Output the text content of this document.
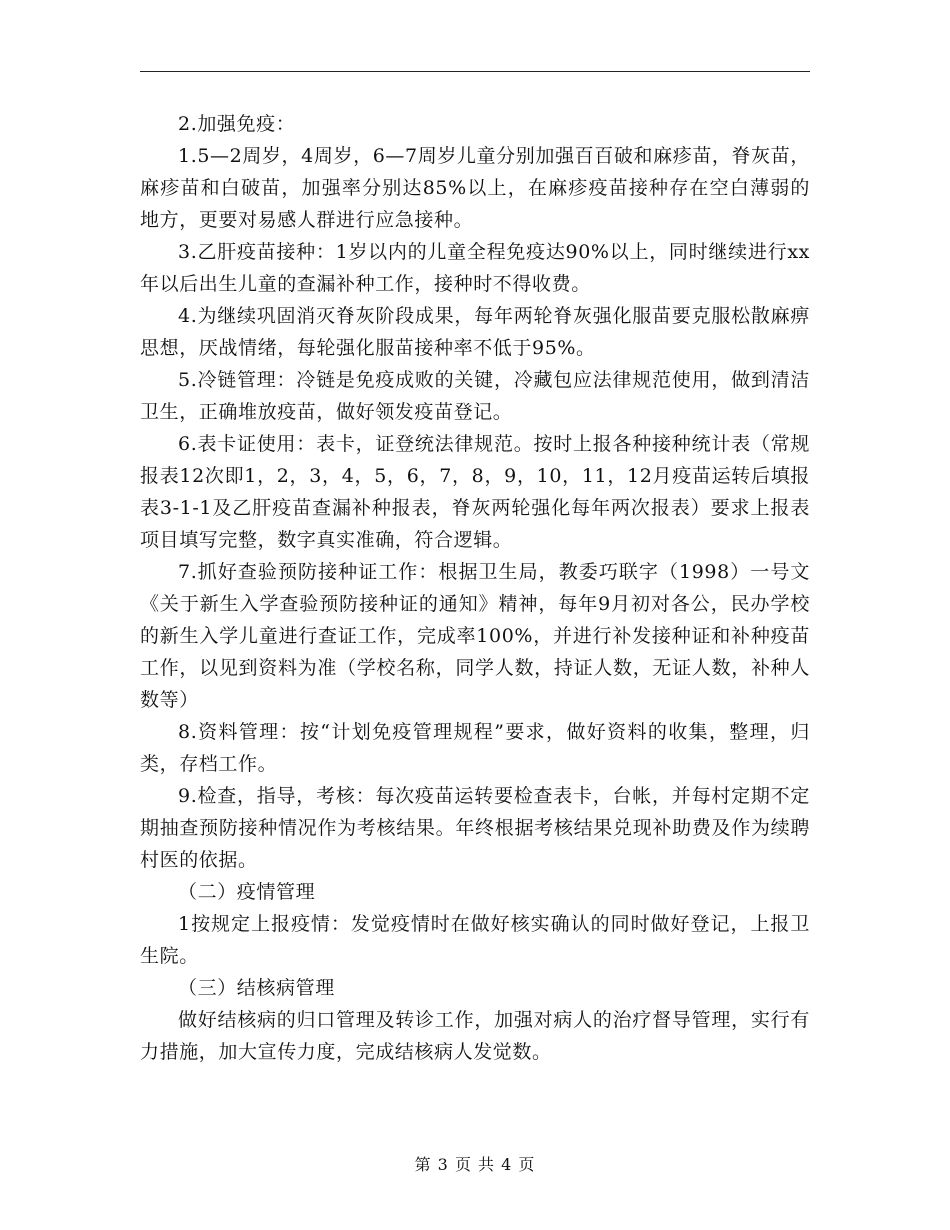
2.加强免疫：

1.5—2周岁，4周岁，6—7周岁儿童分别加强百百破和麻疹苗，脊灰苗，麻疹苗和白破苗，加强率分别达85%以上，在麻疹疫苗接种存在空白薄弱的地方，更要对易感人群进行应急接种。

3.乙肝疫苗接种：1岁以内的儿童全程免疫达90%以上，同时继续进行xx年以后出生儿童的查漏补种工作，接种时不得收费。

4.为继续巩固消灭脊灰阶段成果，每年两轮脊灰强化服苗要克服松散麻痹思想，厌战情绪，每轮强化服苗接种率不低于95%。

5.冷链管理：冷链是免疫成败的关键，冷藏包应法律规范使用，做到清洁卫生，正确堆放疫苗，做好领发疫苗登记。

6.表卡证使用：表卡，证登统法律规范。按时上报各种接种统计表（常规报表12次即1，2，3，4，5，6，7，8，9，10，11，12月疫苗运转后填报表3-1-1及乙肝疫苗查漏补种报表，脊灰两轮强化每年两次报表）要求上报表项目填写完整，数字真实准确，符合逻辑。

7.抓好查验预防接种证工作：根据卫生局，教委巧联字（1998）一号文《关于新生入学查验预防接种证的通知》精神，每年9月初对各公，民办学校的新生入学儿童进行查证工作，完成率100%，并进行补发接种证和补种疫苗工作，以见到资料为准（学校名称，同学人数，持证人数，无证人数，补种人数等）

8.资料管理：按“计划免疫管理规程”要求，做好资料的收集，整理，归类，存档工作。

9.检查，指导，考核：每次疫苗运转要检查表卡，台帐，并每村定期不定期抽查预防接种情况作为考核结果。年终根据考核结果兑现补助费及作为续聘村医的依据。

（二）疫情管理

1按规定上报疫情：发觉疫情时在做好核实确认的同时做好登记，上报卫生院。

（三）结核病管理

做好结核病的归口管理及转诊工作，加强对病人的治疗督导管理，实行有力措施，加大宣传力度，完成结核病人发觉数。

第 3 页 共 4 页
